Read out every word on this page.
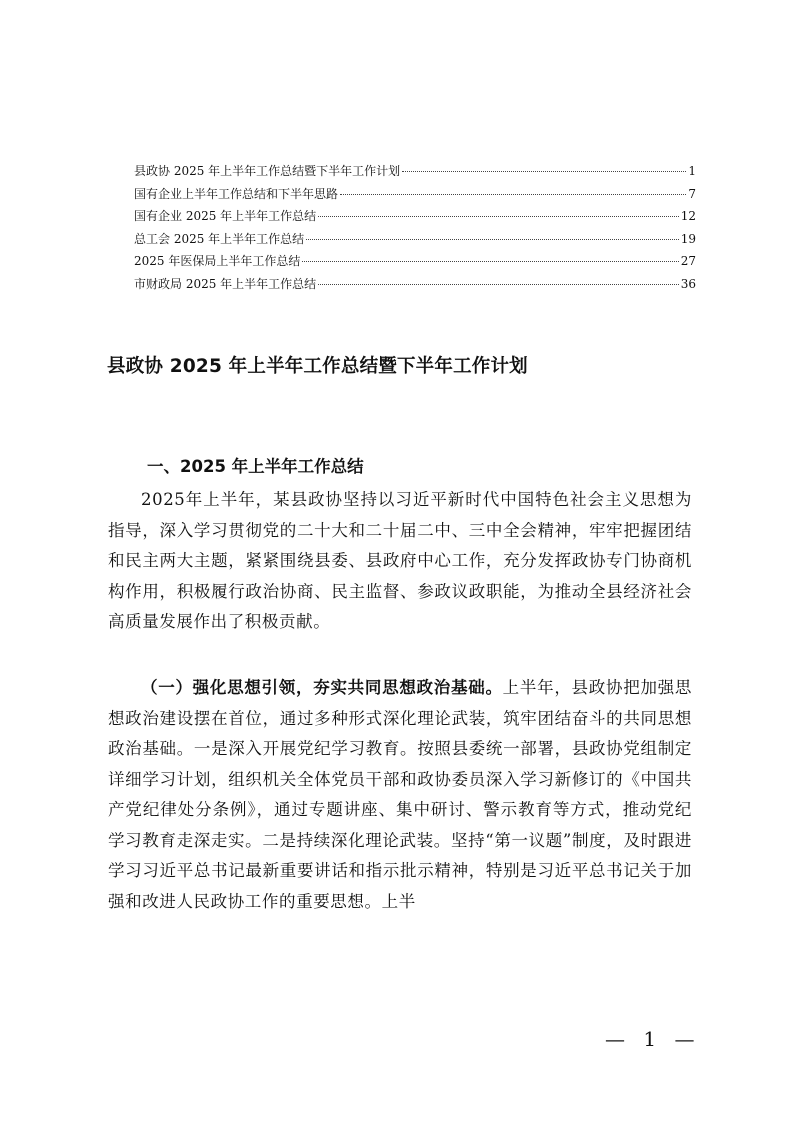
县政协 2025 年上半年工作总结暨下半年工作计划	1
国有企业上半年工作总结和下半年思路	7
国有企业 2025 年上半年工作总结	12
总工会 2025 年上半年工作总结	19
2025 年医保局上半年工作总结	27
市财政局 2025 年上半年工作总结	36
县政协 2025 年上半年工作总结暨下半年工作计划
一、2025 年上半年工作总结

2025年上半年，某县政协坚持以习近平新时代中国特色社会主义思想为指导，深入学习贯彻党的二十大和二十届二中、三中全会精神，牢牢把握团结和民主两大主题，紧紧围绕县委、县政府中心工作，充分发挥政协专门协商机构作用，积极履行政治协商、民主监督、参政议政职能，为推动全县经济社会高质量发展作出了积极贡献。

（一）强化思想引领，夯实共同思想政治基础。上半年，县政协把加强思想政治建设摆在首位，通过多种形式深化理论武装，筑牢团结奋斗的共同思想政治基础。一是深入开展党纪学习教育。按照县委统一部署，县政协党组制定详细学习计划，组织机关全体党员干部和政协委员深入学习新修订的《中国共产党纪律处分条例》，通过专题讲座、集中研讨、警示教育等方式，推动党纪学习教育走深走实。二是持续深化理论武装。坚持“第一议题”制度，及时跟进学习习近平总书记最新重要讲话和指示批示精神，特别是习近平总书记关于加强和改进人民政协工作的重要思想。上半

— 1 —
